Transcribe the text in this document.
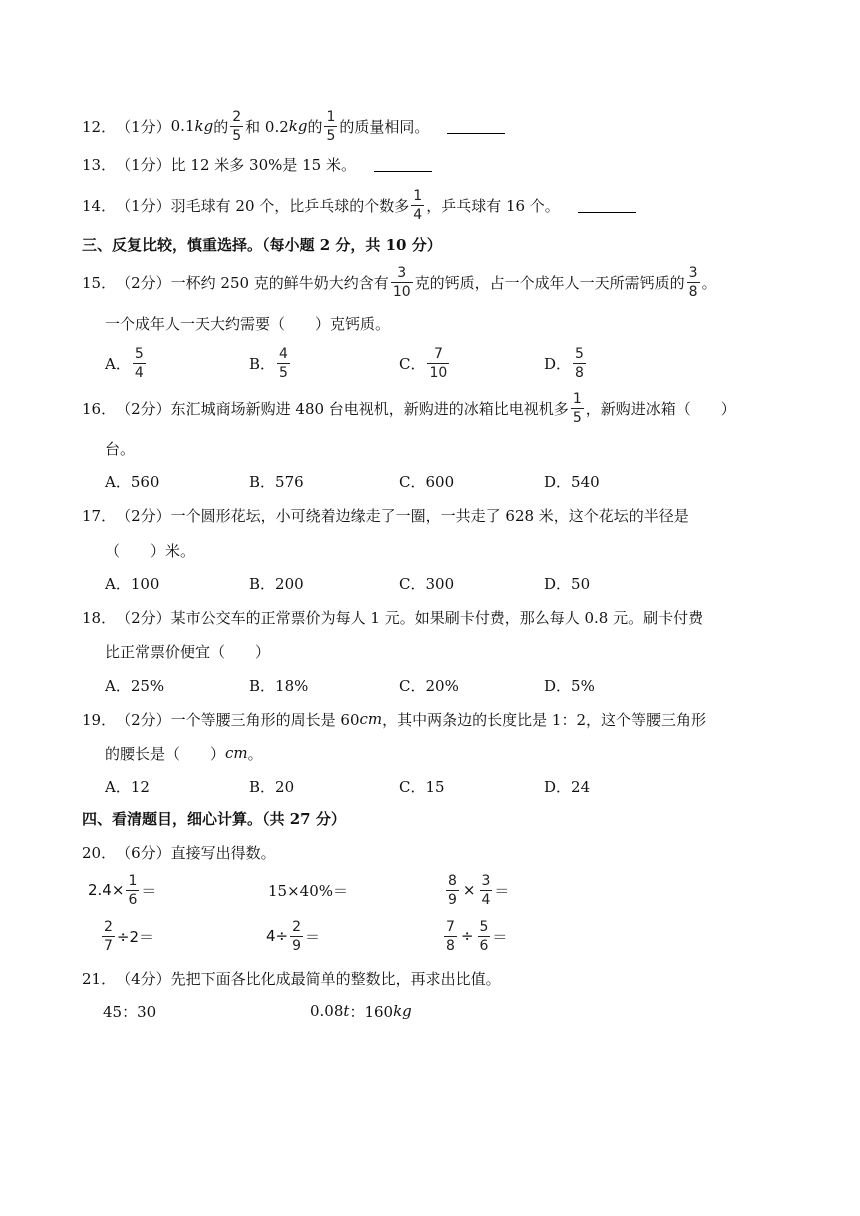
12． （1分） 0.1 kg 的 $\frac{2}{5}$ 和 0.2 kg 的 $\frac{1}{5}$ 的质量相同。
13． （1分）比 12 米多 30%是 15 米。
14． （1分）羽毛球有 20 个，比乒乓球的个数多 $\frac{1}{4}$ ，乒乓球有 16 个。
三、反复比较，慎重选择。（每小题 2 分，共 10 分）
15． （2分）一杯约 250 克的鲜牛奶大约含有 $\frac{3}{10}$ 克的钙质，占一个成年人一天所需钙质的 $\frac{3}{8}$ 。
一个成年人一天大约需要（　　）克钙质。
A． $\frac{5}{4}$	B． $\frac{4}{5}$	C． $\frac{7}{10}$	D． $\frac{5}{8}$
16． （2分）东汇城商场新购进 480 台电视机，新购进的冰箱比电视机多 $\frac{1}{5}$ ，新购进冰箱（　　）
台。
A．560	B．576	C．600	D．540
17． （2分）一个圆形花坛，小可绕着边缘走了一圈，一共走了 628 米，这个花坛的半径是
（　　）米。
A．100	B．200	C．300	D．50
18． （2分）某市公交车的正常票价为每人 1 元。如果刷卡付费，那么每人 0.8 元。刷卡付费
比正常票价便宜（　　）
A．25%	B．18%	C．20%	D．5%
19． （2分）一个等腰三角形的周长是 60 cm ，其中两条边的长度比是 1：2，这个等腰三角形
的腰长是（　　） cm 。
A．12	B．20	C．15	D．24
四、看清题目，细心计算。（共 27 分）
20． （6分）直接写出得数。
$2.4\times \frac{1}{6}$ ＝	15×40%＝	$\frac{8}{9} \times \frac{3}{4}$ ＝
$\frac{2}{7} \div 2=$	$4\div \frac{2}{9}$ ＝	$\frac{7}{8} \div \frac{5}{6}$ ＝
21． （4分）先把下面各比化成最简单的整数比，再求出比值。
45：30	0.08 t ：160 kg
